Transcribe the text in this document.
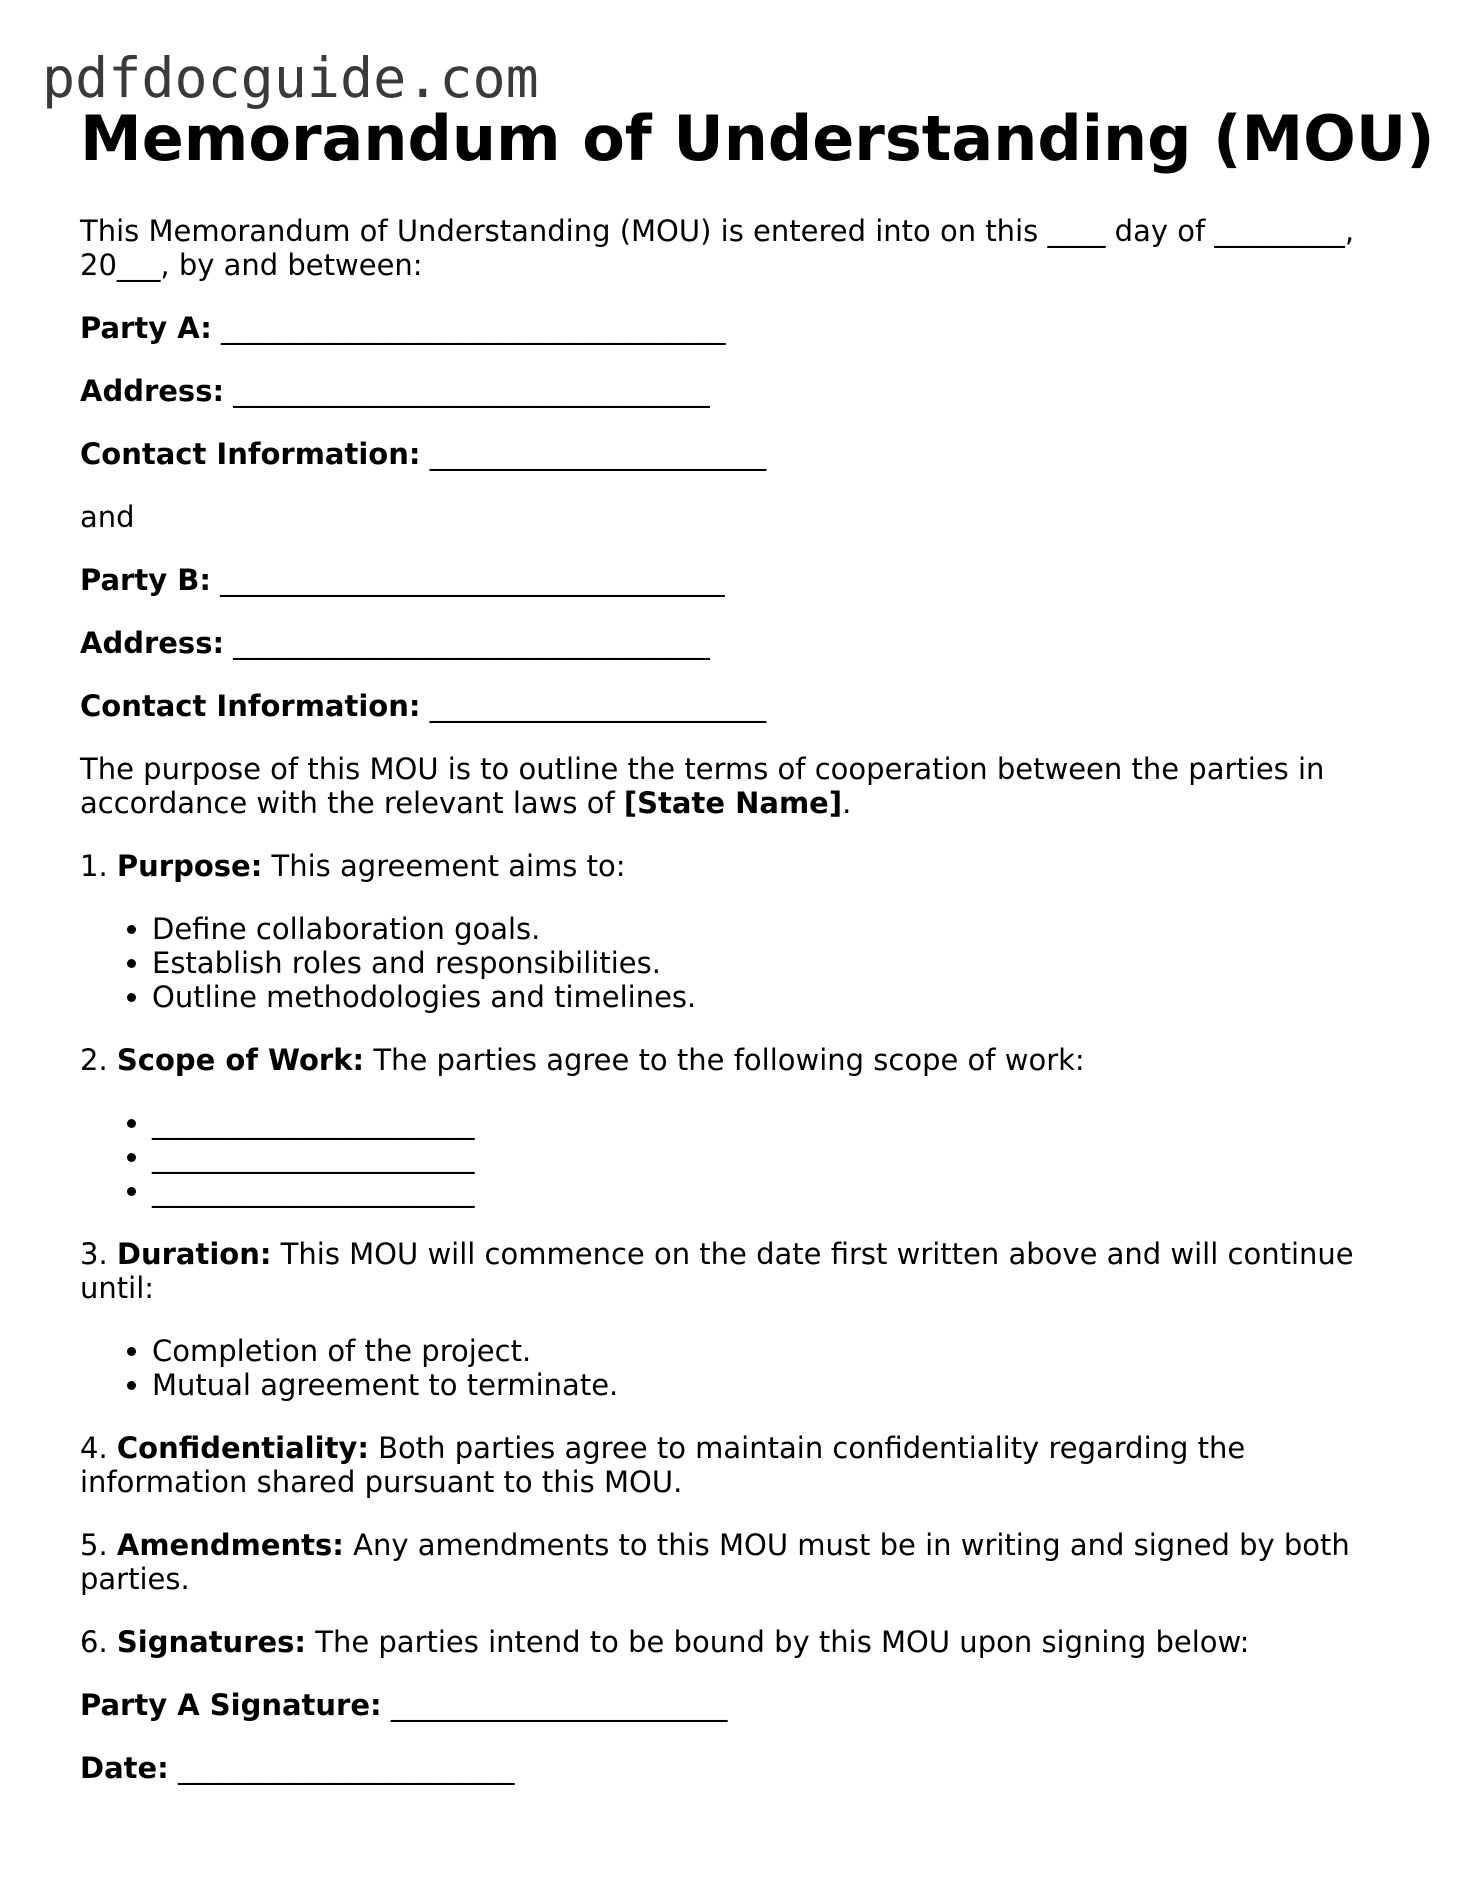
pdfdocguide.com
Memorandum of Understanding (MOU)

This Memorandum of Understanding (MOU) is entered into on this ____ day of _________, 20___, by and between:

Party A: ____________________________________

Address: __________________________________

Contact Information: ________________________

and

Party B: ____________________________________

Address: __________________________________

Contact Information: ________________________

The purpose of this MOU is to outline the terms of cooperation between the parties in accordance with the relevant laws of [State Name].

1. Purpose: This agreement aims to:

• Define collaboration goals.
• Establish roles and responsibilities.
• Outline methodologies and timelines.

2. Scope of Work: The parties agree to the following scope of work:

• _______________________
• _______________________
• _______________________

3. Duration: This MOU will commence on the date first written above and will continue until:

• Completion of the project.
• Mutual agreement to terminate.

4. Confidentiality: Both parties agree to maintain confidentiality regarding the information shared pursuant to this MOU.

5. Amendments: Any amendments to this MOU must be in writing and signed by both parties.

6. Signatures: The parties intend to be bound by this MOU upon signing below:

Party A Signature: ________________________

Date: ________________________
